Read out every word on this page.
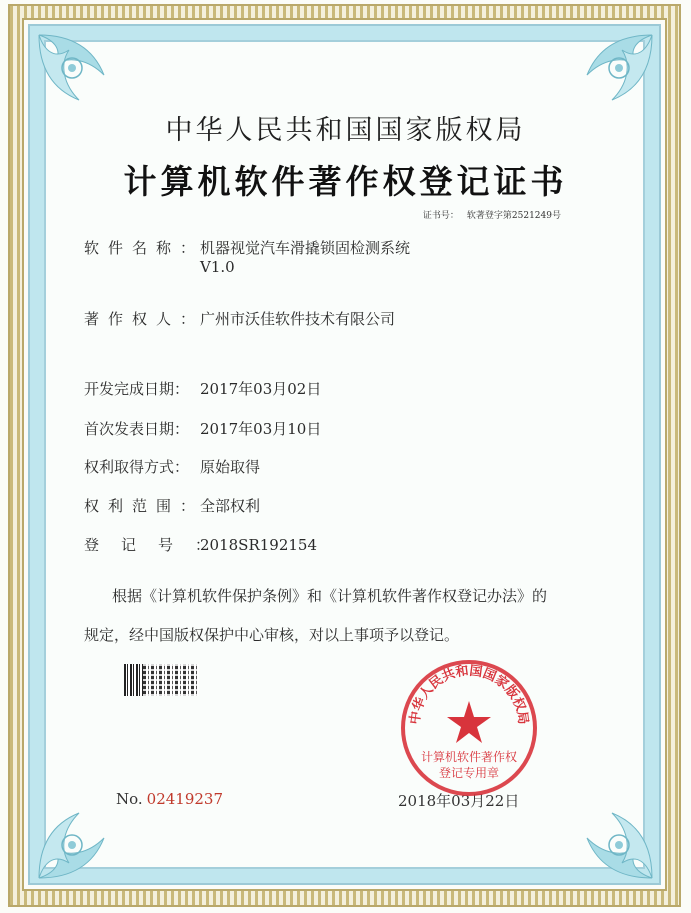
中华人民共和国国家版权局
计算机软件著作权登记证书
证书号： 软著登字第2521249号
软件名称：
机器视觉汽车滑撬锁固检测系统
V1.0
著作权人：
广州市沃佳软件技术有限公司
开发完成日期： 2017年03月02日
首次发表日期： 2017年03月10日
权利取得方式： 原始取得
权利范围：
全部权利
登记号：
2018SR192154
根据《计算机软件保护条例》和《计算机软件著作权登记办法》的
规定，经中国版权保护中心审核，对以上事项予以登记。
No. 02419237	2018年03月22日
中华人民共和国国家版权局
计算机软件著作权
登记专用章
